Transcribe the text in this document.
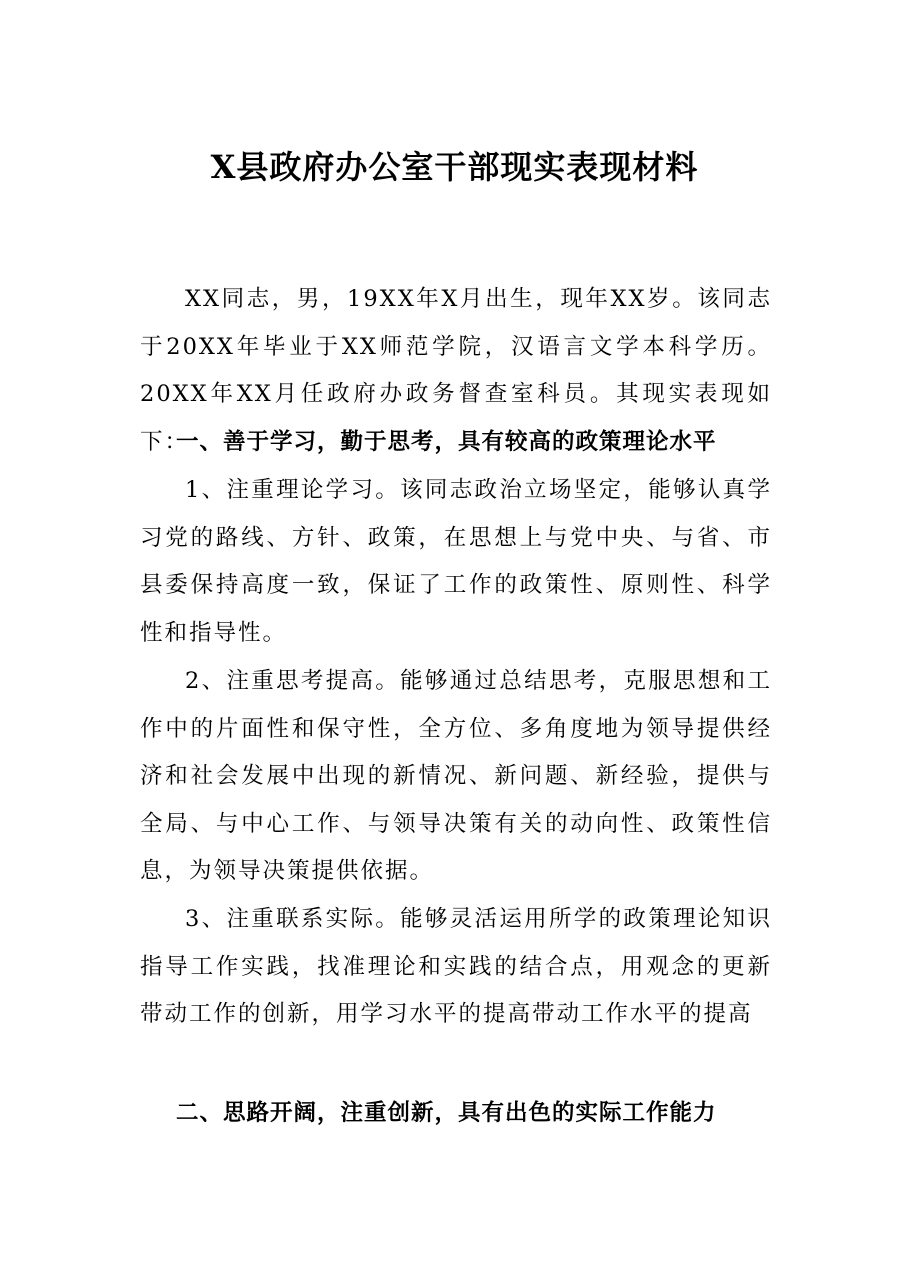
X县政府办公室干部现实表现材料

XX同志，男，19XX年X月出生，现年XX岁。该同志于20XX年毕业于XX师范学院，汉语言文学本科学历。20XX年XX月任政府办政务督查室科员。其现实表现如下：

一、善于学习，勤于思考，具有较高的政策理论水平

1、注重理论学习。该同志政治立场坚定，能够认真学习党的路线、方针、政策，在思想上与党中央、与省、市县委保持高度一致，保证了工作的政策性、原则性、科学性和指导性。

2、注重思考提高。能够通过总结思考，克服思想和工作中的片面性和保守性，全方位、多角度地为领导提供经济和社会发展中出现的新情况、新问题、新经验，提供与全局、与中心工作、与领导决策有关的动向性、政策性信息，为领导决策提供依据。

3、注重联系实际。能够灵活运用所学的政策理论知识指导工作实践，找准理论和实践的结合点，用观念的更新带动工作的创新，用学习水平的提高带动工作水平的提高

二、思路开阔，注重创新，具有出色的实际工作能力
